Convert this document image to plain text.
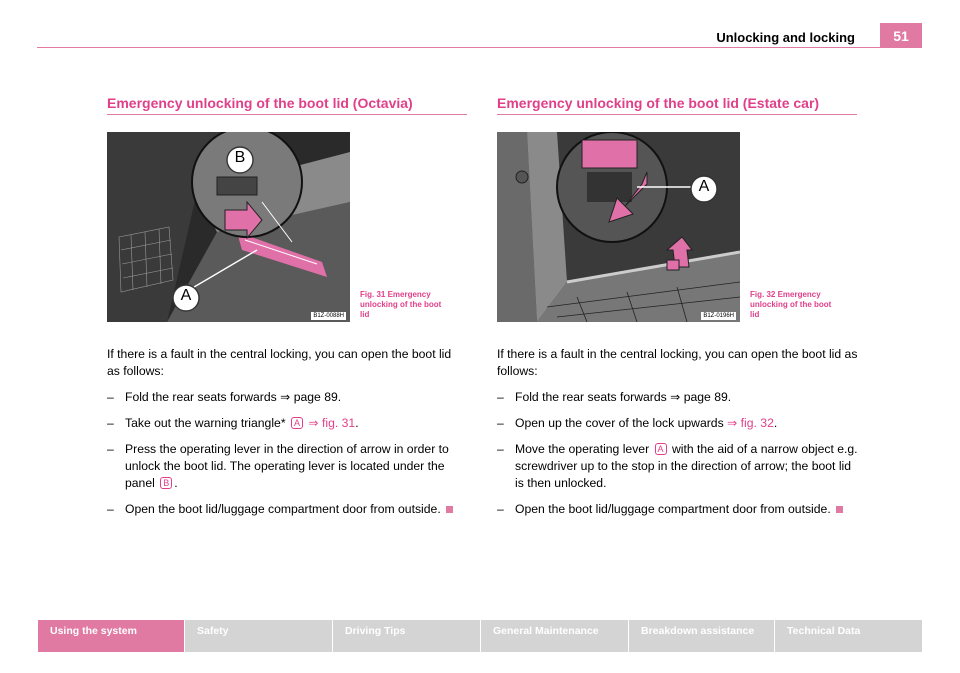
Unlocking and locking	51
Emergency unlocking of the boot lid (Octavia)
B
A
B1Z-0088H
Fig. 31 Emergency unlocking of the boot lid

If there is a fault in the central locking, you can open the boot lid as follows:

– Fold the rear seats forwards ⇒ page 89.
– Take out the warning triangle* A ⇒ fig. 31.
– Press the operating lever in the direction of arrow in order to unlock the boot lid. The operating lever is located under the panel B .
– Open the boot lid/luggage compartment door from outside.
Emergency unlocking of the boot lid (Estate car)
A
B1Z-0196H
Fig. 32 Emergency unlocking of the boot lid

If there is a fault in the central locking, you can open the boot lid as follows:

– Fold the rear seats forwards ⇒ page 89.
– Open up the cover of the lock upwards ⇒ fig. 32.
– Move the operating lever A with the aid of a narrow object e.g. screwdriver up to the stop in the direction of arrow; the boot lid is then unlocked.
– Open the boot lid/luggage compartment door from outside.
Using the system	Safety	Driving Tips	General Maintenance	Breakdown assistance	Technical Data
